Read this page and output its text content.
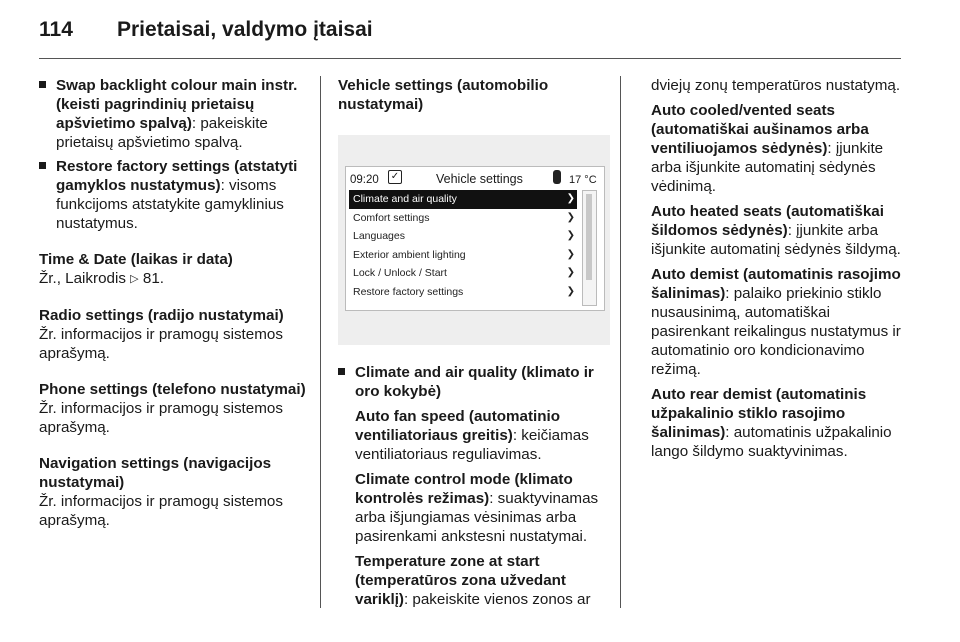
114 Prietaisai, valdymo įtaisai
Swap backlight colour main instr. (keisti pagrindinių prietaisų apšvietimo spalvą): pakeiskite prietaisų apšvietimo spalvą.
Restore factory settings (atstatyti gamyklos nustatymus): visoms funkcijoms atstatykite gamyklinius nustatymus.

Time & Date (laikas ir data)

Žr., Laikrodis ▷ 81.

Radio settings (radijo nustatymai)

Žr. informacijos ir pramogų sistemos aprašymą.

Phone settings (telefono nustatymai)

Žr. informacijos ir pramogų sistemos aprašymą.

Navigation settings (navigacijos nustatymai)

Žr. informacijos ir pramogų sistemos aprašymą.

Vehicle settings (automobilio nustatymai)

09:20 ✓	Vehicle settings	17 °C
Climate and air quality	❯
Comfort settings	❯
Languages	❯
Exterior ambient lighting	❯
Lock / Unlock / Start	❯
Restore factory settings	❯
Climate and air quality (klimato ir oro kokybė)

Auto fan speed (automatinio ventiliatoriaus greitis): keičiamas ventiliatoriaus reguliavimas.

Climate control mode (klimato kontrolės režimas): suaktyvinamas arba išjungiamas vėsinimas arba pasirenkami ankstesni nustatymai.

Temperature zone at start (temperatūros zona užvedant variklį): pakeiskite vienos zonos ar

dviejų zonų temperatūros nustatymą.

Auto cooled/vented seats (automatiškai aušinamos arba ventiliuojamos sėdynės): įjunkite arba išjunkite automatinį sėdynės vėdinimą.

Auto heated seats (automatiškai šildomos sėdynės): įjunkite arba išjunkite automatinį sėdynės šildymą.

Auto demist (automatinis rasojimo šalinimas): palaiko priekinio stiklo nusausinimą, automatiškai pasirenkant reikalingus nustatymus ir automatinio oro kondicionavimo režimą.

Auto rear demist (automatinis užpakalinio stiklo rasojimo šalinimas): automatinis užpakalinio lango šildymo suaktyvinimas.
